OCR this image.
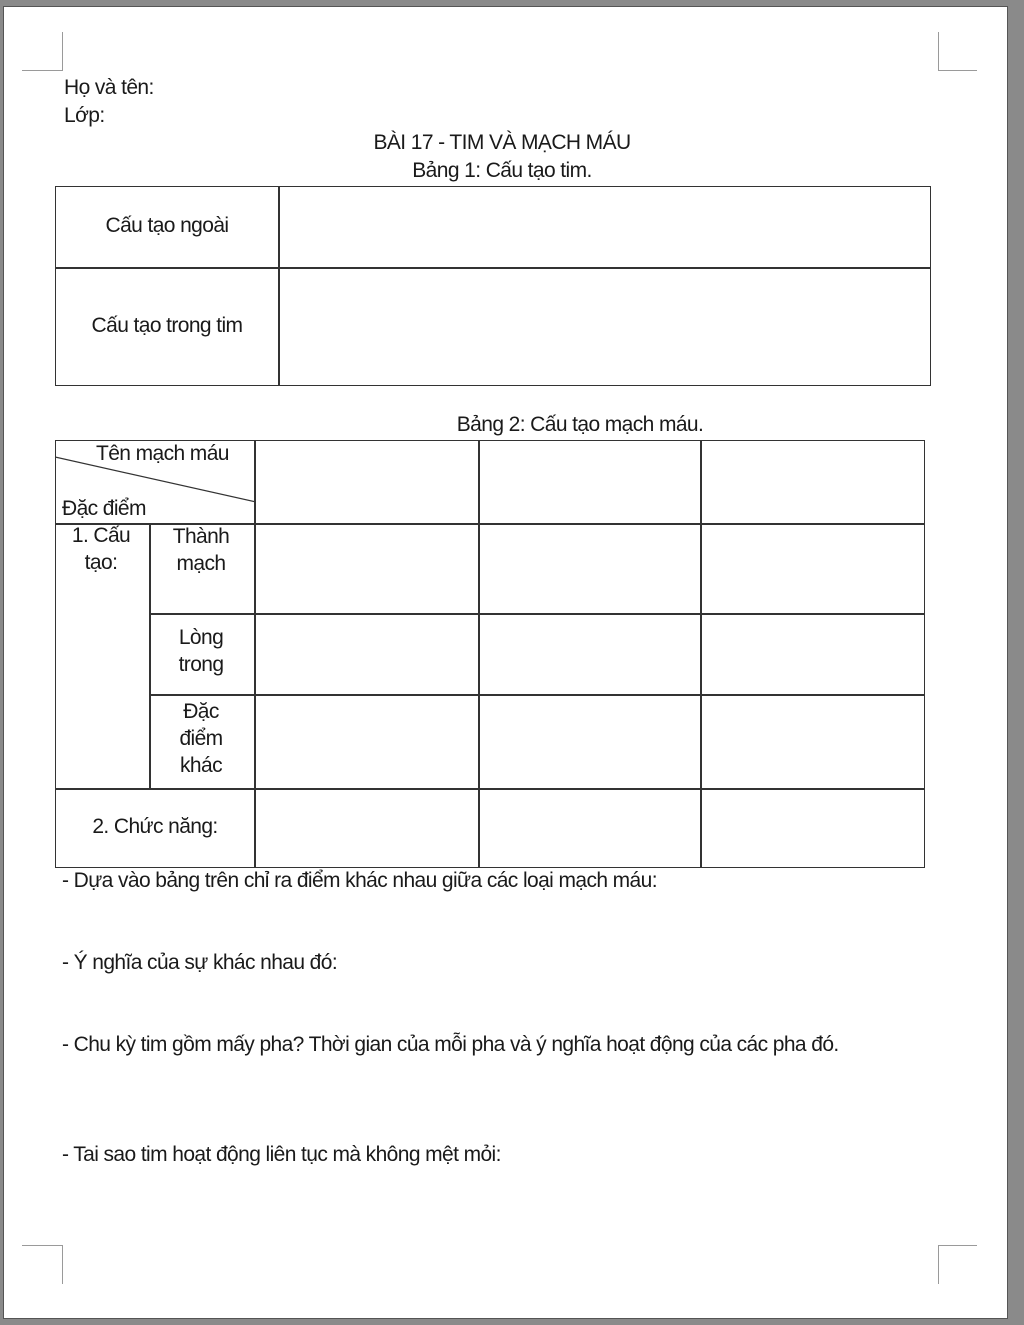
Họ và tên:
Lớp:
BÀI 17 - TIM VÀ MẠCH MÁU
Bảng 1: Cấu tạo tim.
Cấu tạo ngoài
Cấu tạo trong tim
Bảng 2: Cấu tạo mạch máu.
Tên mạch máu
Đặc điểm
1. Cấu tạo:
Thành mạch
Lòng trong
Đặc điểm khác
2. Chức năng:
- Dựa vào bảng trên chỉ ra điểm khác nhau giữa các loại mạch máu:
- Ý nghĩa của sự khác nhau đó:
- Chu kỳ tim gồm mấy pha? Thời gian của mỗi pha và ý nghĩa hoạt động của các pha đó.
- Tai sao tim hoạt động liên tục mà không mệt mỏi:
